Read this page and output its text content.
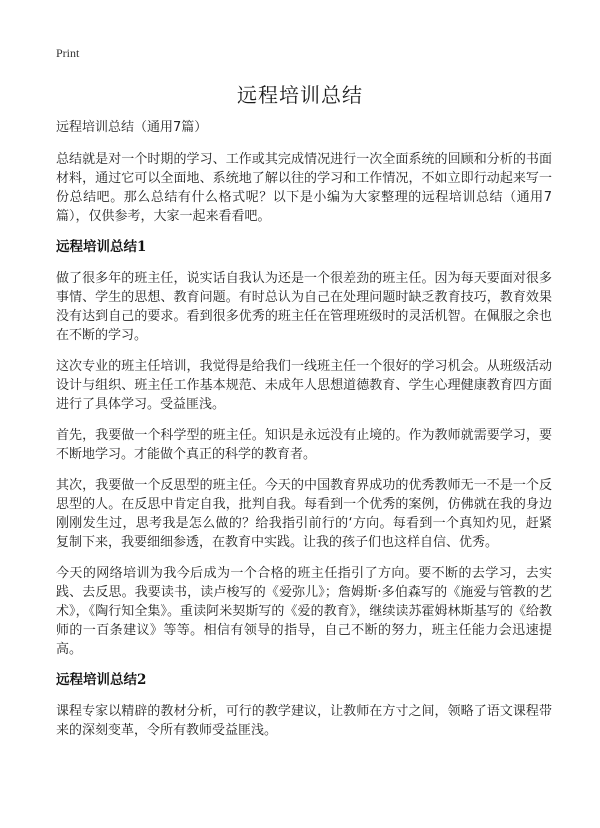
Print
远程培训总结

远程培训总结（通用7篇）

总结就是对一个时期的学习、工作或其完成情况进行一次全面系统的回顾和分析的书面材料，通过它可以全面地、系统地了解以往的学习和工作情况，不如立即行动起来写一份总结吧。那么总结有什么格式呢？以下是小编为大家整理的远程培训总结（通用7篇），仅供参考，大家一起来看看吧。

远程培训总结1

做了很多年的班主任，说实话自我认为还是一个很差劲的班主任。因为每天要面对很多事情、学生的思想、教育问题。有时总认为自己在处理问题时缺乏教育技巧，教育效果没有达到自己的要求。看到很多优秀的班主任在管理班级时的灵活机智。在佩服之余也在不断的学习。

这次专业的班主任培训，我觉得是给我们一线班主任一个很好的学习机会。从班级活动设计与组织、班主任工作基本规范、未成年人思想道德教育、学生心理健康教育四方面进行了具体学习。受益匪浅。

首先，我要做一个科学型的班主任。知识是永远没有止境的。作为教师就需要学习，要不断地学习。才能做个真正的科学的教育者。

其次，我要做一个反思型的班主任。今天的中国教育界成功的优秀教师无一不是一个反思型的人。在反思中肯定自我，批判自我。每看到一个优秀的案例，仿佛就在我的身边刚刚发生过，思考我是怎么做的？给我指引前行的‘方向。每看到一个真知灼见，赶紧复制下来，我要细细参透，在教育中实践。让我的孩子们也这样自信、优秀。

今天的网络培训为我今后成为一个合格的班主任指引了方向。要不断的去学习，去实践、去反思。我要读书，读卢梭写的《爱弥儿》；詹姆斯·多伯森写的《施爱与管教的艺术》，《陶行知全集》。重读阿米契斯写的《爱的教育》，继续读苏霍姆林斯基写的《给教师的一百条建议》等等。相信有领导的指导，自己不断的努力，班主任能力会迅速提高。

远程培训总结2

课程专家以精辟的教材分析，可行的教学建议，让教师在方寸之间，领略了语文课程带来的深刻变革，令所有教师受益匪浅。
